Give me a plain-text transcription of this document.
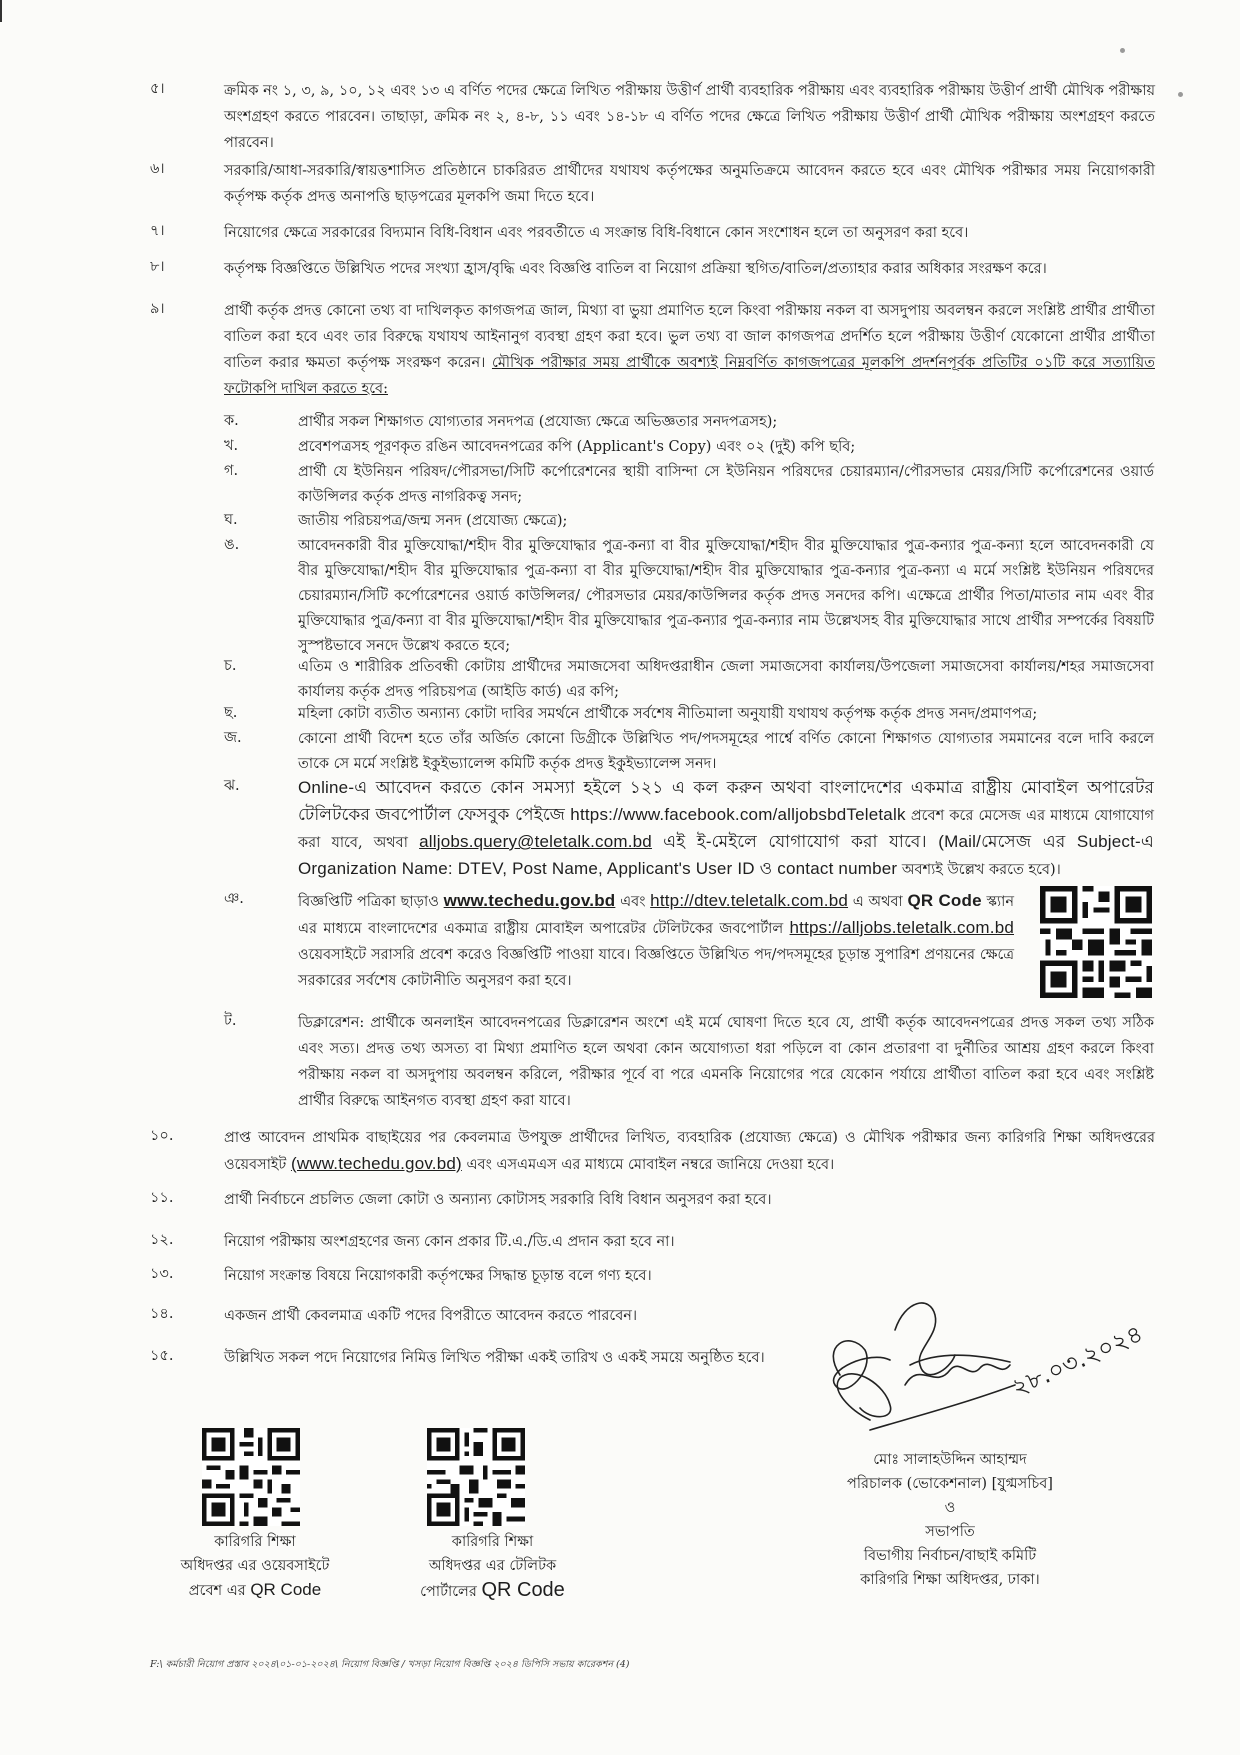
৫।	ক্রমিক নং ১, ৩, ৯, ১০, ১২ এবং ১৩ এ বর্ণিত পদের ক্ষেত্রে লিখিত পরীক্ষায় উত্তীর্ণ প্রার্থী ব্যবহারিক পরীক্ষায় এবং ব্যবহারিক পরীক্ষায় উত্তীর্ণ প্রার্থী মৌখিক পরীক্ষায় অংশগ্রহণ করতে পারবেন। তাছাড়া, ক্রমিক নং ২, ৪-৮, ১১ এবং ১৪-১৮ এ বর্ণিত পদের ক্ষেত্রে লিখিত পরীক্ষায় উত্তীর্ণ প্রার্থী মৌখিক পরীক্ষায় অংশগ্রহণ করতে পারবেন।
৬।	সরকারি/আধা-সরকারি/স্বায়ত্তশাসিত প্রতিষ্ঠানে চাকরিরত প্রার্থীদের যথাযথ কর্তৃপক্ষের অনুমতিক্রমে আবেদন করতে হবে এবং মৌখিক পরীক্ষার সময় নিয়োগকারী কর্তৃপক্ষ কর্তৃক প্রদত্ত অনাপত্তি ছাড়পত্রের মূলকপি জমা দিতে হবে।
৭।	নিয়োগের ক্ষেত্রে সরকারের বিদ্যমান বিধি-বিধান এবং পরবর্তীতে এ সংক্রান্ত বিধি-বিধানে কোন সংশোধন হলে তা অনুসরণ করা হবে।
৮।	কর্তৃপক্ষ বিজ্ঞপ্তিতে উল্লিখিত পদের সংখ্যা হ্রাস/বৃদ্ধি এবং বিজ্ঞপ্তি বাতিল বা নিয়োগ প্রক্রিয়া স্থগিত/বাতিল/প্রত্যাহার করার অধিকার সংরক্ষণ করে।
৯।	প্রার্থী কর্তৃক প্রদত্ত কোনো তথ্য বা দাখিলকৃত কাগজপত্র জাল, মিথ্যা বা ভুয়া প্রমাণিত হলে কিংবা পরীক্ষায় নকল বা অসদুপায় অবলম্বন করলে সংশ্লিষ্ট প্রার্থীর প্রার্থীতা বাতিল করা হবে এবং তার বিরুদ্ধে যথাযথ আইনানুগ ব্যবস্থা গ্রহণ করা হবে। ভুল তথ্য বা জাল কাগজপত্র প্রদর্শিত হলে পরীক্ষায় উত্তীর্ণ যেকোনো প্রার্থীর প্রার্থীতা বাতিল করার ক্ষমতা কর্তৃপক্ষ সংরক্ষণ করেন। মৌখিক পরীক্ষার সময় প্রার্থীকে অবশ্যই নিম্নবর্ণিত কাগজপত্রের মূলকপি প্রদর্শনপূর্বক প্রতিটির ০১টি করে সত্যায়িত ফটোকপি দাখিল করতে হবে:
ক.	প্রার্থীর সকল শিক্ষাগত যোগ্যতার সনদপত্র (প্রযোজ্য ক্ষেত্রে অভিজ্ঞতার সনদপত্রসহ);
খ.	প্রবেশপত্রসহ পূরণকৃত রঙিন আবেদনপত্রের কপি (Applicant's Copy) এবং ০২ (দুই) কপি ছবি;
গ.	প্রার্থী যে ইউনিয়ন পরিষদ/পৌরসভা/সিটি কর্পোরেশনের স্থায়ী বাসিন্দা সে ইউনিয়ন পরিষদের চেয়ারম্যান/পৌরসভার মেয়র/সিটি কর্পোরেশনের ওয়ার্ড কাউন্সিলর কর্তৃক প্রদত্ত নাগরিকত্ব সনদ;
ঘ.	জাতীয় পরিচয়পত্র/জন্ম সনদ (প্রযোজ্য ক্ষেত্রে);
ঙ.	আবেদনকারী বীর মুক্তিযোদ্ধা/শহীদ বীর মুক্তিযোদ্ধার পুত্র-কন্যা বা বীর মুক্তিযোদ্ধা/শহীদ বীর মুক্তিযোদ্ধার পুত্র-কন্যার পুত্র-কন্যা হলে আবেদনকারী যে বীর মুক্তিযোদ্ধা/শহীদ বীর মুক্তিযোদ্ধার পুত্র-কন্যা বা বীর মুক্তিযোদ্ধা/শহীদ বীর মুক্তিযোদ্ধার পুত্র-কন্যার পুত্র-কন্যা এ মর্মে সংশ্লিষ্ট ইউনিয়ন পরিষদের চেয়ারম্যান/সিটি কর্পোরেশনের ওয়ার্ড কাউন্সিলর/ পৌরসভার মেয়র/কাউন্সিলর কর্তৃক প্রদত্ত সনদের কপি। এক্ষেত্রে প্রার্থীর পিতা/মাতার নাম এবং বীর মুক্তিযোদ্ধার পুত্র/কন্যা বা বীর মুক্তিযোদ্ধা/শহীদ বীর মুক্তিযোদ্ধার পুত্র-কন্যার পুত্র-কন্যার নাম উল্লেখসহ বীর মুক্তিযোদ্ধার সাথে প্রার্থীর সম্পর্কের বিষয়টি সুস্পষ্টভাবে সনদে উল্লেখ করতে হবে;
চ.	এতিম ও শারীরিক প্রতিবন্ধী কোটায় প্রার্থীদের সমাজসেবা অধিদপ্তরাধীন জেলা সমাজসেবা কার্যালয়/উপজেলা সমাজসেবা কার্যালয়/শহর সমাজসেবা কার্যালয় কর্তৃক প্রদত্ত পরিচয়পত্র (আইডি কার্ড) এর কপি;
ছ.	মহিলা কোটা ব্যতীত অন্যান্য কোটা দাবির সমর্থনে প্রার্থীকে সর্বশেষ নীতিমালা অনুযায়ী যথাযথ কর্তৃপক্ষ কর্তৃক প্রদত্ত সনদ/প্রমাণপত্র;
জ.	কোনো প্রার্থী বিদেশ হতে তাঁর অর্জিত কোনো ডিগ্রীকে উল্লিখিত পদ/পদসমূহের পার্শ্বে বর্ণিত কোনো শিক্ষাগত যোগ্যতার সমমানের বলে দাবি করলে তাকে সে মর্মে সংশ্লিষ্ট ইকুইভ্যালেন্স কমিটি কর্তৃক প্রদত্ত ইকুইভ্যালেন্স সনদ।
ঝ.	Online-এ আবেদন করতে কোন সমস্যা হইলে ১২১ এ কল করুন অথবা বাংলাদেশের একমাত্র রাষ্ট্রীয় মোবাইল অপারেটর টেলিটকের জবপোর্টাল ফেসবুক পেইজে https://www.facebook.com/alljobsbdTeletalk প্রবেশ করে মেসেজ এর মাধ্যমে যোগাযোগ করা যাবে, অথবা alljobs.query@teletalk.com.bd এই ই-মেইলে যোগাযোগ করা যাবে। (Mail/মেসেজ এর Subject-এ Organization Name: DTEV, Post Name, Applicant's User ID ও contact number অবশ্যই উল্লেখ করতে হবে)।
ঞ.	বিজ্ঞপ্তিটি পত্রিকা ছাড়াও www.techedu.gov.bd এবং http://dtev.teletalk.com.bd এ অথবা QR Code স্ক্যান এর মাধ্যমে বাংলাদেশের একমাত্র রাষ্ট্রীয় মোবাইল অপারেটর টেলিটকের জবপোর্টাল https://alljobs.teletalk.com.bd ওয়েবসাইটে সরাসরি প্রবেশ করেও বিজ্ঞপ্তিটি পাওয়া যাবে। বিজ্ঞপ্তিতে উল্লিখিত পদ/পদসমূহের চূড়ান্ত সুপারিশ প্রণয়নের ক্ষেত্রে সরকারের সর্বশেষ কোটানীতি অনুসরণ করা হবে।
ট.	ডিক্লারেশন: প্রার্থীকে অনলাইন আবেদনপত্রের ডিক্লারেশন অংশে এই মর্মে ঘোষণা দিতে হবে যে, প্রার্থী কর্তৃক আবেদনপত্রের প্রদত্ত সকল তথ্য সঠিক এবং সত্য। প্রদত্ত তথ্য অসত্য বা মিথ্যা প্রমাণিত হলে অথবা কোন অযোগ্যতা ধরা পড়িলে বা কোন প্রতারণা বা দুর্নীতির আশ্রয় গ্রহণ করলে কিংবা পরীক্ষায় নকল বা অসদুপায় অবলম্বন করিলে, পরীক্ষার পূর্বে বা পরে এমনকি নিয়োগের পরে যেকোন পর্যায়ে প্রার্থীতা বাতিল করা হবে এবং সংশ্লিষ্ট প্রার্থীর বিরুদ্ধে আইনগত ব্যবস্থা গ্রহণ করা যাবে।
১০.	প্রাপ্ত আবেদন প্রাথমিক বাছাইয়ের পর কেবলমাত্র উপযুক্ত প্রার্থীদের লিখিত, ব্যবহারিক (প্রযোজ্য ক্ষেত্রে) ও মৌখিক পরীক্ষার জন্য কারিগরি শিক্ষা অধিদপ্তরের ওয়েবসাইট (www.techedu.gov.bd) এবং এসএমএস এর মাধ্যমে মোবাইল নম্বরে জানিয়ে দেওয়া হবে।
১১.	প্রার্থী নির্বাচনে প্রচলিত জেলা কোটা ও অন্যান্য কোটাসহ সরকারি বিধি বিধান অনুসরণ করা হবে।
১২.	নিয়োগ পরীক্ষায় অংশগ্রহণের জন্য কোন প্রকার টি.এ./ডি.এ প্রদান করা হবে না।
১৩.	নিয়োগ সংক্রান্ত বিষয়ে নিয়োগকারী কর্তৃপক্ষের সিদ্ধান্ত চূড়ান্ত বলে গণ্য হবে।
১৪.	একজন প্রার্থী কেবলমাত্র একটি পদের বিপরীতে আবেদন করতে পারবেন।
১৫.	উল্লিখিত সকল পদে নিয়োগের নিমিত্ত লিখিত পরীক্ষা একই তারিখ ও একই সময়ে অনুষ্ঠিত হবে।
কারিগরি শিক্ষা
অধিদপ্তর এর ওয়েবসাইটে
প্রবেশ এর QR Code
কারিগরি শিক্ষা
অধিদপ্তর এর টেলিটক
পোর্টালের QR Code
২৮.০৩.২০২৪
মোঃ সালাহউদ্দিন আহাম্মদ
পরিচালক (ভোকেশনাল) [যুগ্মসচিব]
ও
সভাপতি
বিভাগীয় নির্বাচন/বাছাই কমিটি
কারিগরি শিক্ষা অধিদপ্তর, ঢাকা।
F:\ কর্মচারী নিয়োগ প্রস্তাব ২০২৪\০১-০১-২০২৪\ নিয়োগ বিজ্ঞপ্তি / খসড়া নিয়োগ বিজ্ঞপ্তি ২০২৪ ডিপিসি সভায় কারেকশন (4)
